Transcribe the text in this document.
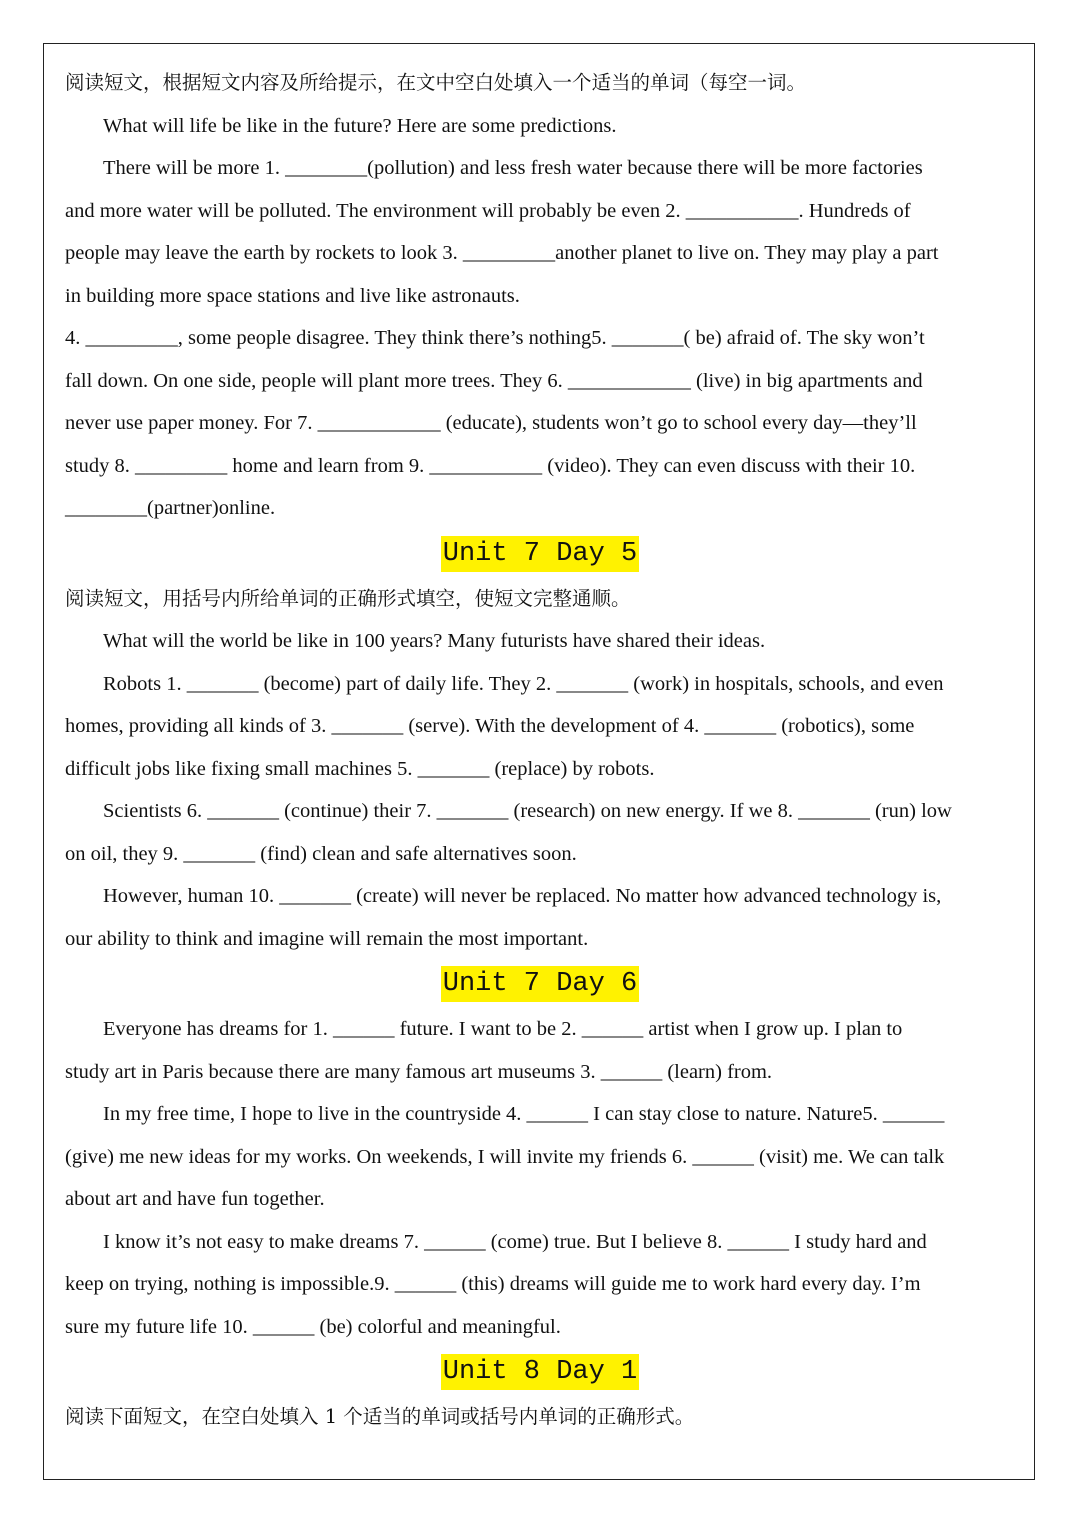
阅读短文，根据短文内容及所给提示，在文中空白处填入一个适当的单词（每空一词。
What will life be like in the future? Here are some predictions.
There will be more 1. ________(pollution) and less fresh water because there will be more factories
and more water will be polluted. The environment will probably be even 2. ___________. Hundreds of
people may leave the earth by rockets to look 3. _________another planet to live on. They may play a part
in building more space stations and live like astronauts.
4. _________, some people disagree. They think there’s nothing5. _______( be) afraid of. The sky won’t
fall down. On one side, people will plant more trees. They 6. ____________ (live) in big apartments and
never use paper money. For 7. ____________ (educate), students won’t go to school every day—they’ll
study 8. _________ home and learn from 9. ___________ (video). They can even discuss with their 10.
________(partner)online.
Unit 7 Day 5
阅读短文，用括号内所给单词的正确形式填空，使短文完整通顺。
What will the world be like in 100 years? Many futurists have shared their ideas.
Robots 1. _______ (become) part of daily life. They 2. _______ (work) in hospitals, schools, and even
homes, providing all kinds of 3. _______ (serve). With the development of 4. _______ (robotics), some
difficult jobs like fixing small machines 5. _______ (replace) by robots.
Scientists 6. _______ (continue) their 7. _______ (research) on new energy. If we 8. _______ (run) low
on oil, they 9. _______ (find) clean and safe alternatives soon.
However, human 10. _______ (create) will never be replaced. No matter how advanced technology is,
our ability to think and imagine will remain the most important.
Unit 7 Day 6
Everyone has dreams for 1. ______ future. I want to be 2. ______ artist when I grow up. I plan to
study art in Paris because there are many famous art museums 3. ______ (learn) from.
In my free time, I hope to live in the countryside 4. ______ I can stay close to nature. Nature5. ______
(give) me new ideas for my works. On weekends, I will invite my friends 6. ______ (visit) me. We can talk
about art and have fun together.
I know it’s not easy to make dreams 7. ______ (come) true. But I believe 8. ______ I study hard and
keep on trying, nothing is impossible.9. ______ (this) dreams will guide me to work hard every day. I’m
sure my future life 10. ______ (be) colorful and meaningful.
Unit 8 Day 1
阅读下面短文，在空白处填入 1 个适当的单词或括号内单词的正确形式。
